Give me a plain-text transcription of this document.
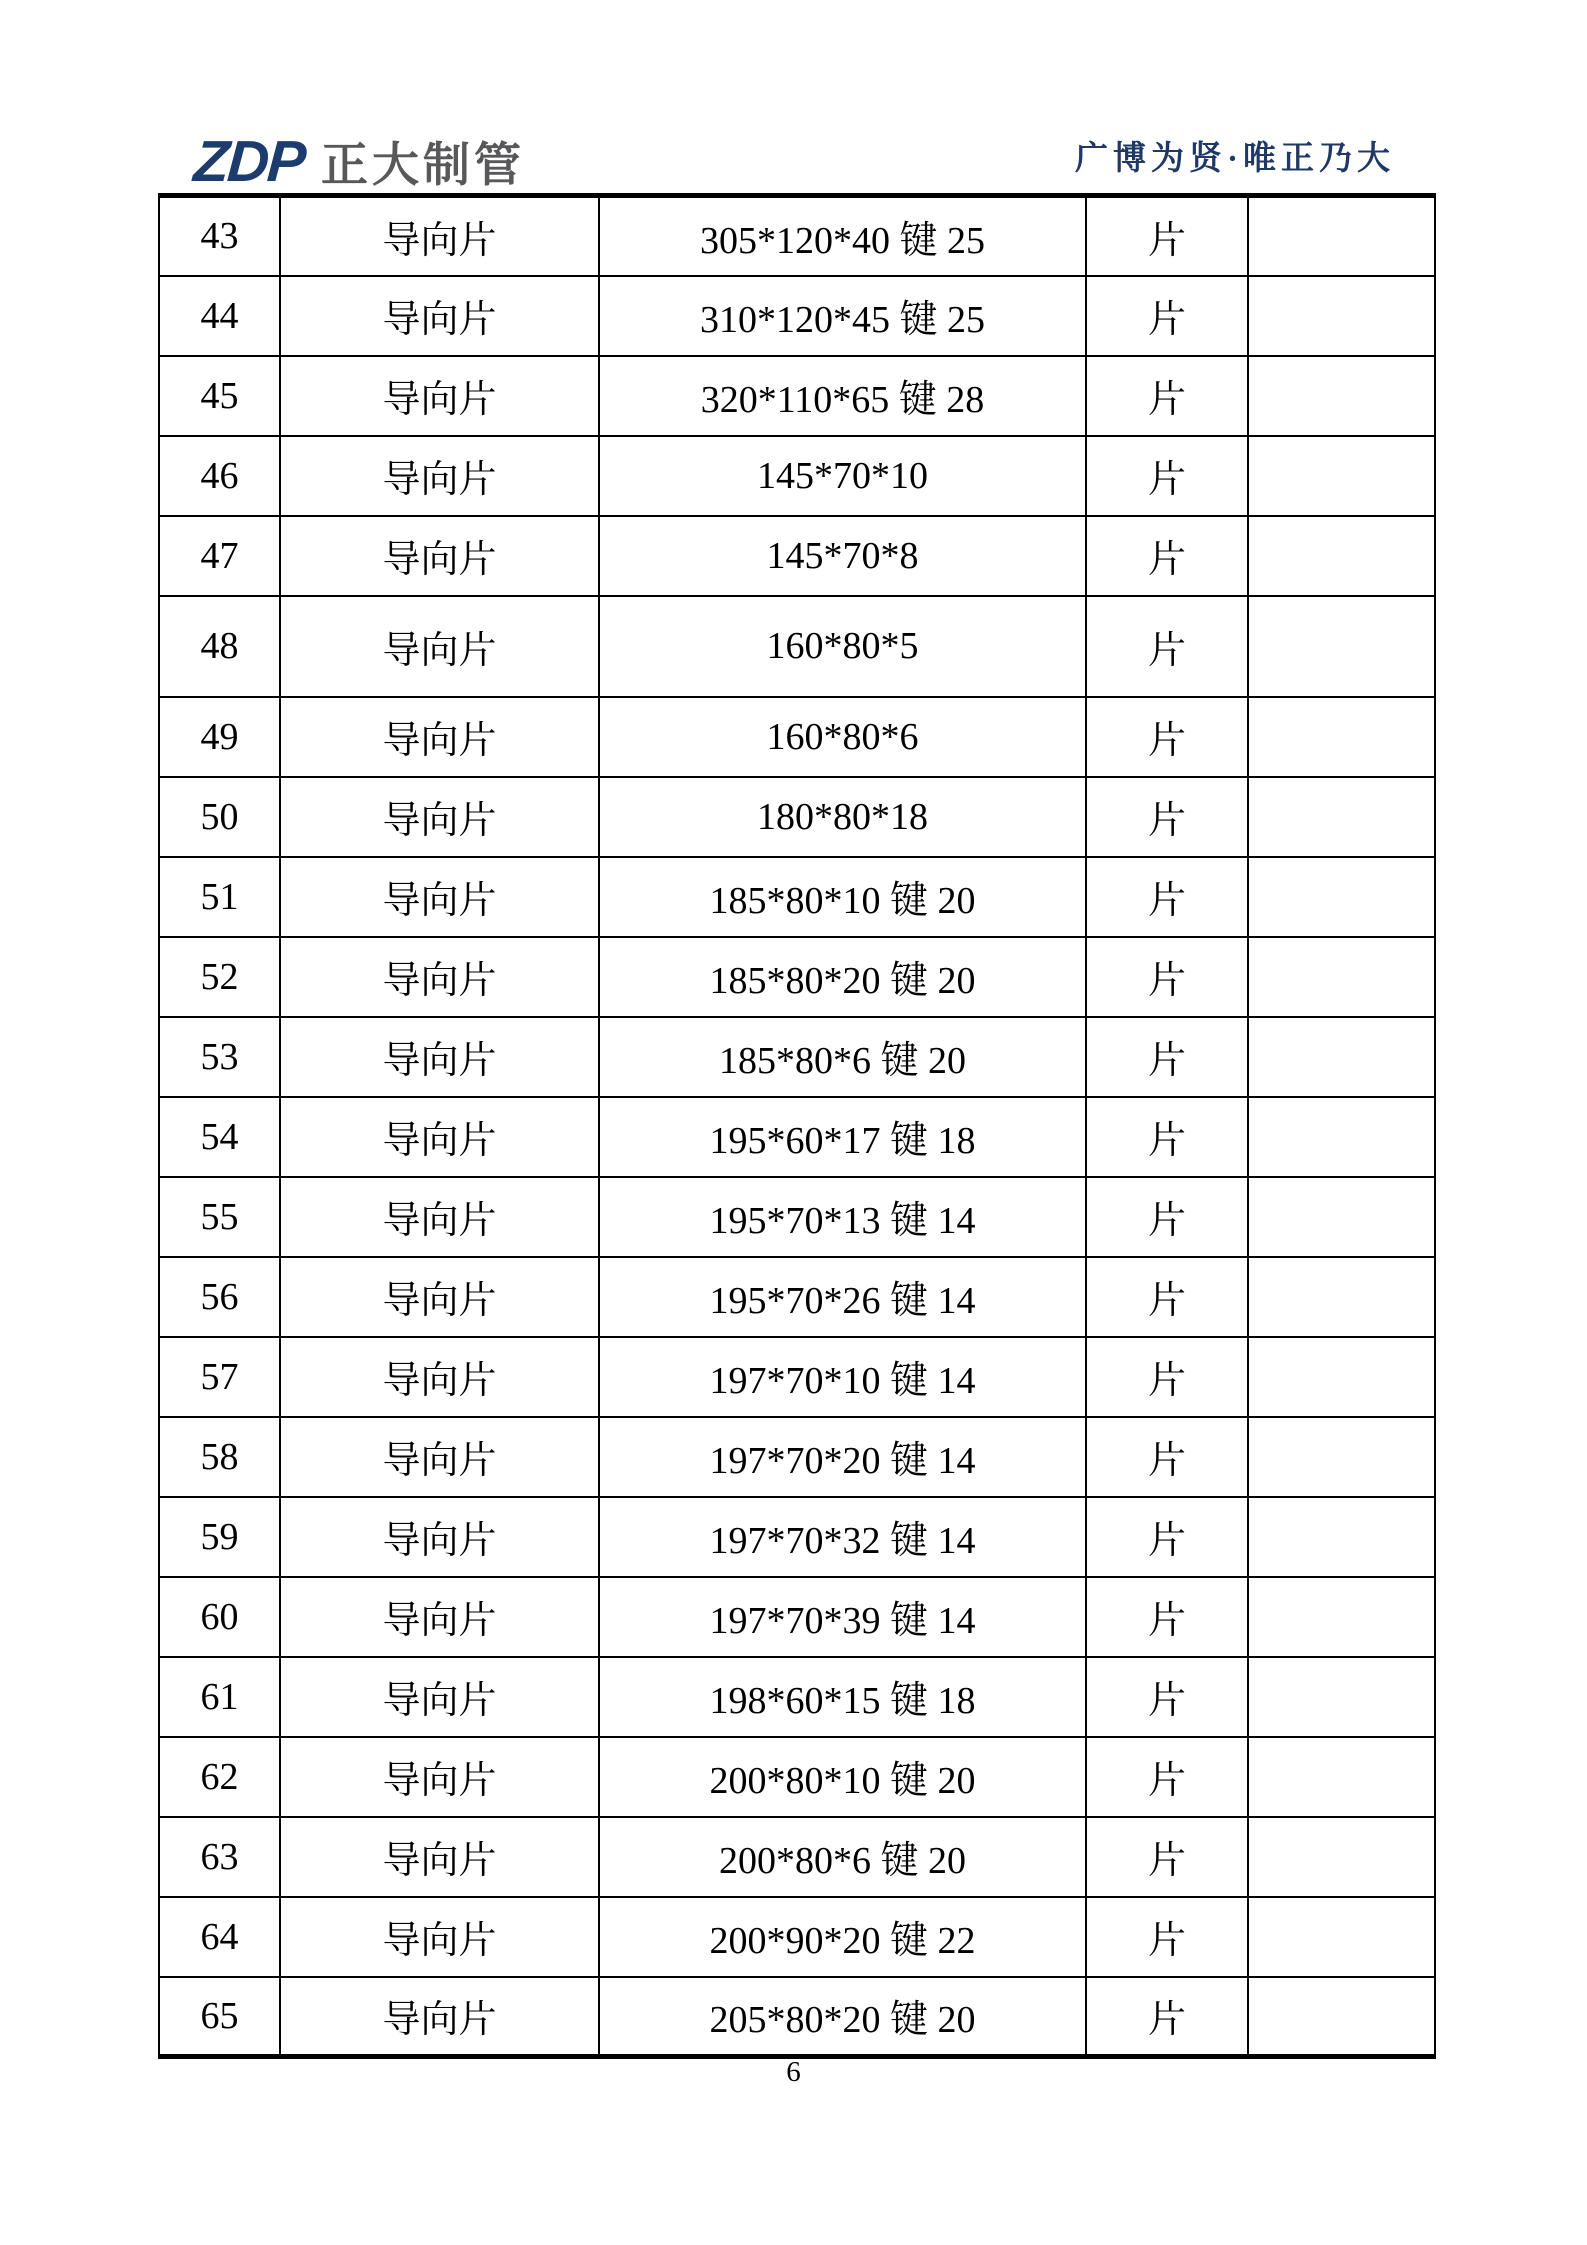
ZDP 正大制管	广博为贤·唯正乃大
43	导向片	305*120*40 键 25	片	
44	导向片	310*120*45 键 25	片	
45	导向片	320*110*65 键 28	片	
46	导向片	145*70*10	片	
47	导向片	145*70*8	片	
48	导向片	160*80*5	片	
49	导向片	160*80*6	片	
50	导向片	180*80*18	片	
51	导向片	185*80*10 键 20	片	
52	导向片	185*80*20 键 20	片	
53	导向片	185*80*6 键 20	片	
54	导向片	195*60*17 键 18	片	
55	导向片	195*70*13 键 14	片	
56	导向片	195*70*26 键 14	片	
57	导向片	197*70*10 键 14	片	
58	导向片	197*70*20 键 14	片	
59	导向片	197*70*32 键 14	片	
60	导向片	197*70*39 键 14	片	
61	导向片	198*60*15 键 18	片	
62	导向片	200*80*10 键 20	片	
63	导向片	200*80*6 键 20	片	
64	导向片	200*90*20 键 22	片	
65	导向片	205*80*20 键 20	片	
6
